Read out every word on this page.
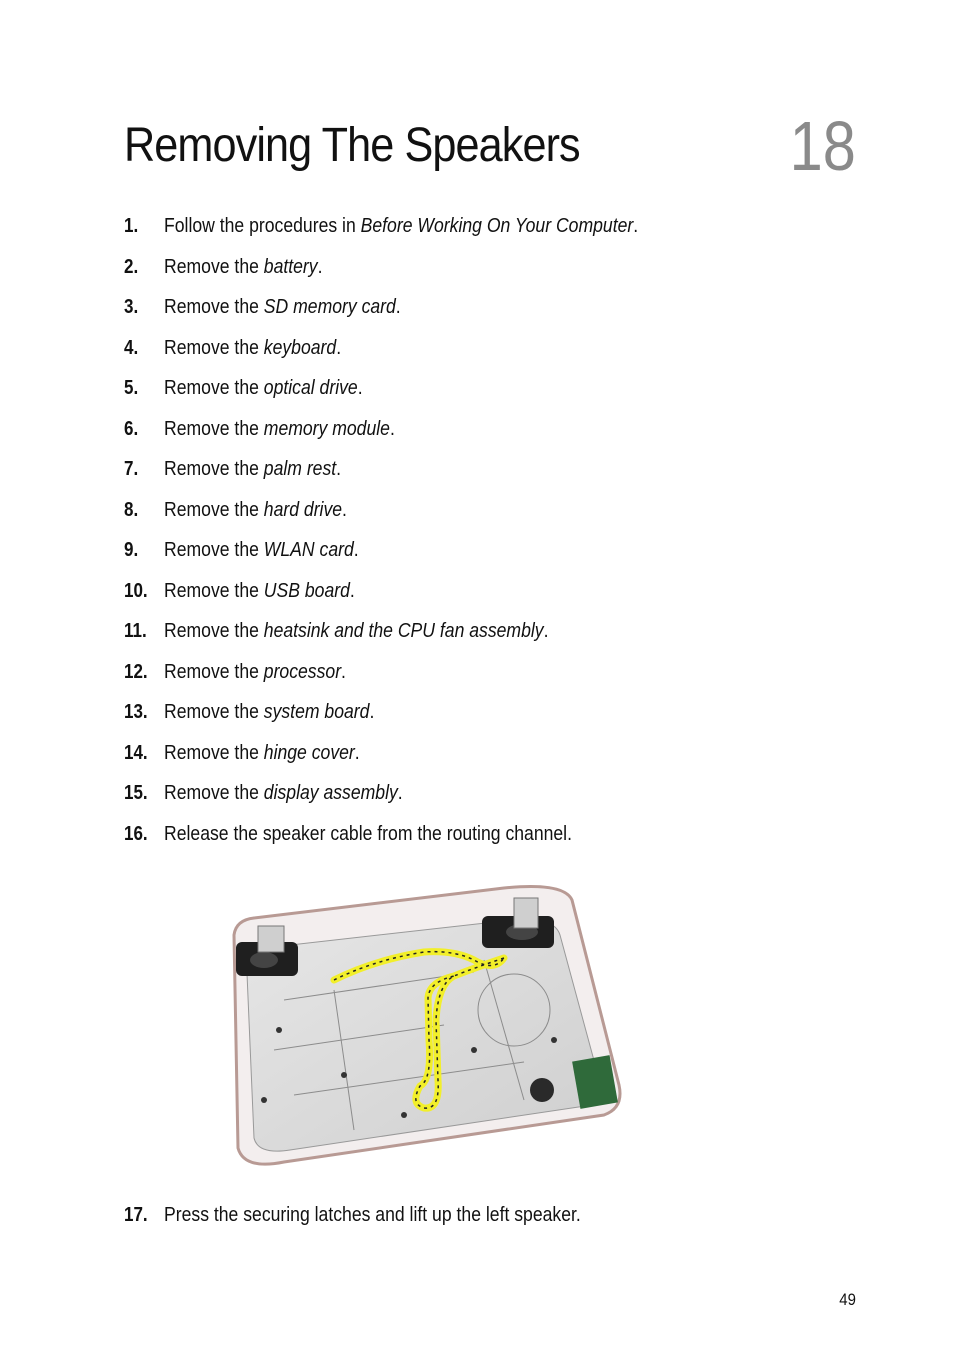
Removing The Speakers	18
1. Follow the procedures in Before Working On Your Computer.
2. Remove the battery.
3. Remove the SD memory card.
4. Remove the keyboard.
5. Remove the optical drive.
6. Remove the memory module.
7. Remove the palm rest.
8. Remove the hard drive.
9. Remove the WLAN card.
10. Remove the USB board.
11. Remove the heatsink and the CPU fan assembly.
12. Remove the processor.
13. Remove the system board.
14. Remove the hinge cover.
15. Remove the display assembly.
16. Release the speaker cable from the routing channel.
17. Press the securing latches and lift up the left speaker.
49
